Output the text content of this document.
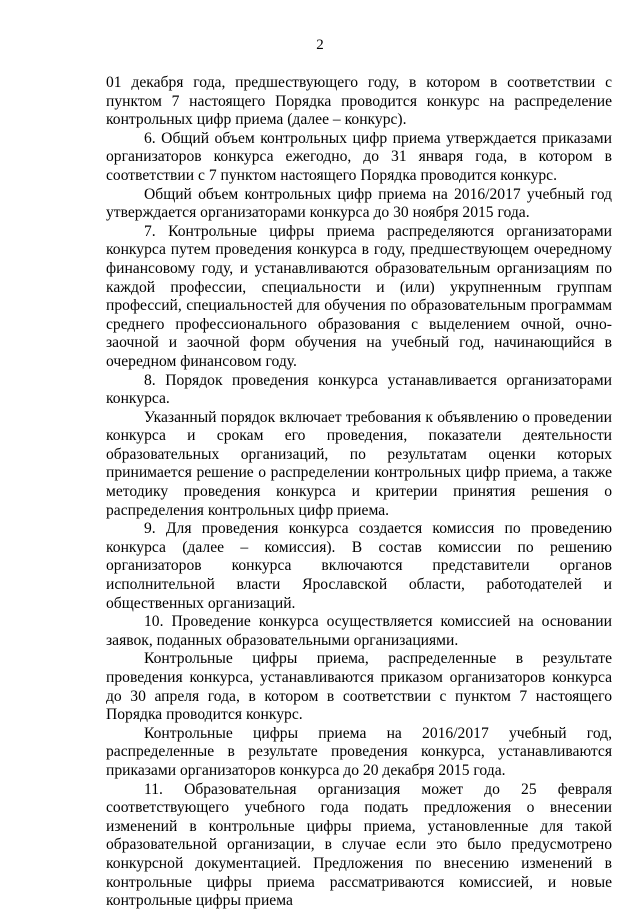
2

01 декабря года, предшествующего году, в котором в соответствии с пунктом 7 настоящего Порядка проводится конкурс на распределение контрольных цифр приема (далее – конкурс).

6. Общий объем контрольных цифр приема утверждается приказами организаторов конкурса ежегодно, до 31 января года, в котором в соответствии с 7 пунктом настоящего Порядка проводится конкурс.

Общий объем контрольных цифр приема на 2016/2017 учебный год утверждается организаторами конкурса до 30 ноября 2015 года.

7. Контрольные цифры приема распределяются организаторами конкурса путем проведения конкурса в году, предшествующем очередному финансовому году, и устанавливаются образовательным организациям по каждой профессии, специальности и (или) укрупненным группам профессий, специальностей для обучения по образовательным программам среднего профессионального образования с выделением очной, очно-заочной и заочной форм обучения на учебный год, начинающийся в очередном финансовом году.

8. Порядок проведения конкурса устанавливается организаторами конкурса.

Указанный порядок включает требования к объявлению о проведении конкурса и срокам его проведения, показатели деятельности образовательных организаций, по результатам оценки которых принимается решение о распределении контрольных цифр приема, а также методику проведения конкурса и критерии принятия решения о распределения контрольных цифр приема.

9. Для проведения конкурса создается комиссия по проведению конкурса (далее – комиссия). В состав комиссии по решению организаторов конкурса включаются представители органов исполнительной власти Ярославской области, работодателей и общественных организаций.

10. Проведение конкурса осуществляется комиссией на основании заявок, поданных образовательными организациями.

Контрольные цифры приема, распределенные в результате проведения конкурса, устанавливаются приказом организаторов конкурса до 30 апреля года, в котором в соответствии с пунктом 7 настоящего Порядка проводится конкурс.

Контрольные цифры приема на 2016/2017 учебный год, распределенные в результате проведения конкурса, устанавливаются приказами организаторов конкурса до 20 декабря 2015 года.

11. Образовательная организация может до 25 февраля соответствующего учебного года подать предложения о внесении изменений в контрольные цифры приема, установленные для такой образовательной организации, в случае если это было предусмотрено конкурсной документацией. Предложения по внесению изменений в контрольные цифры приема рассматриваются комиссией, и новые контрольные цифры приема
